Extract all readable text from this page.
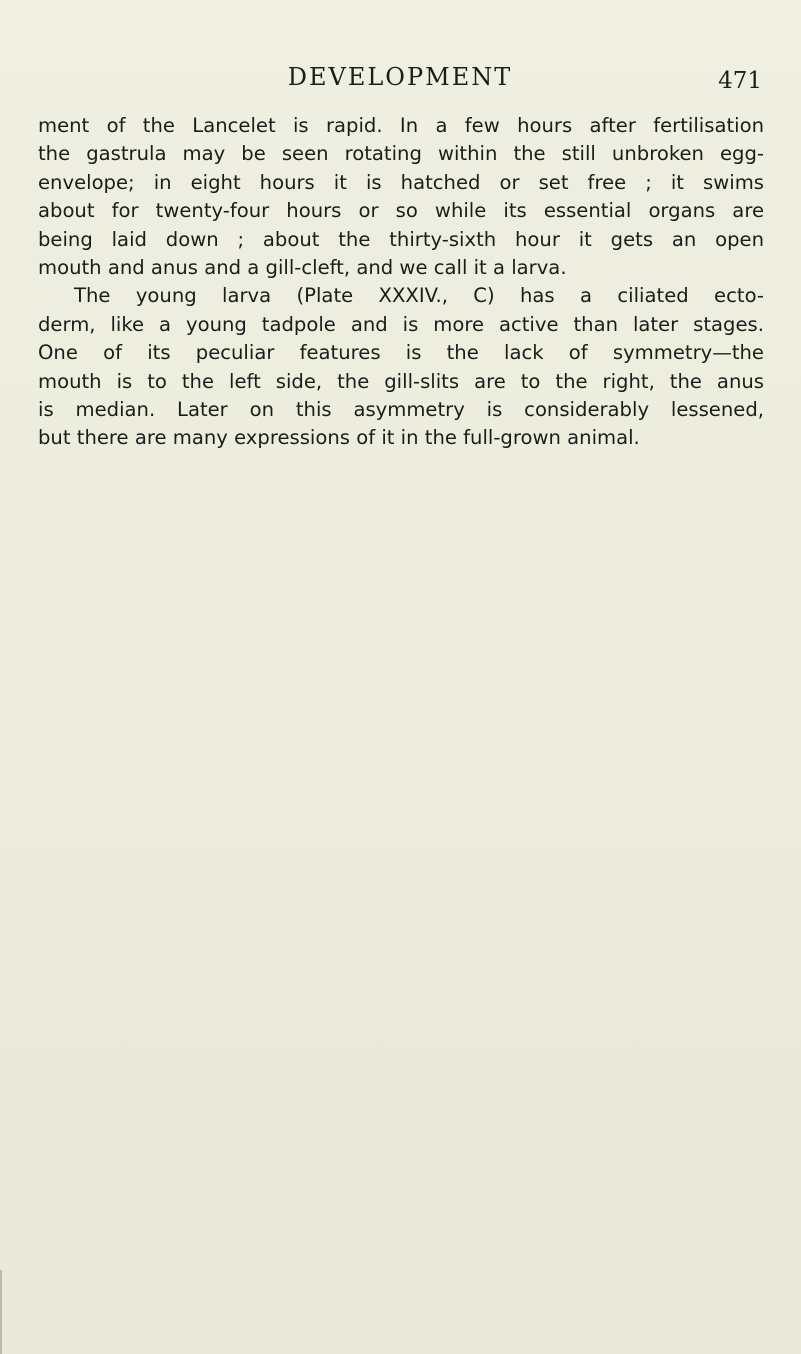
DEVELOPMENT	471
ment of the Lancelet is rapid. In a few hours after fertilisation
the gastrula may be seen rotating within the still unbroken egg-
envelope; in eight hours it is hatched or set free ; it swims
about for twenty-four hours or so while its essential organs are
being laid down ; about the thirty-sixth hour it gets an open
mouth and anus and a gill-cleft, and we call it a larva.
The young larva (Plate XXXIV., C) has a ciliated ecto-
derm, like a young tadpole and is more active than later stages.
One of its peculiar features is the lack of symmetry—the
mouth is to the left side, the gill-slits are to the right, the anus
is median. Later on this asymmetry is considerably lessened,
but there are many expressions of it in the full-grown animal.
